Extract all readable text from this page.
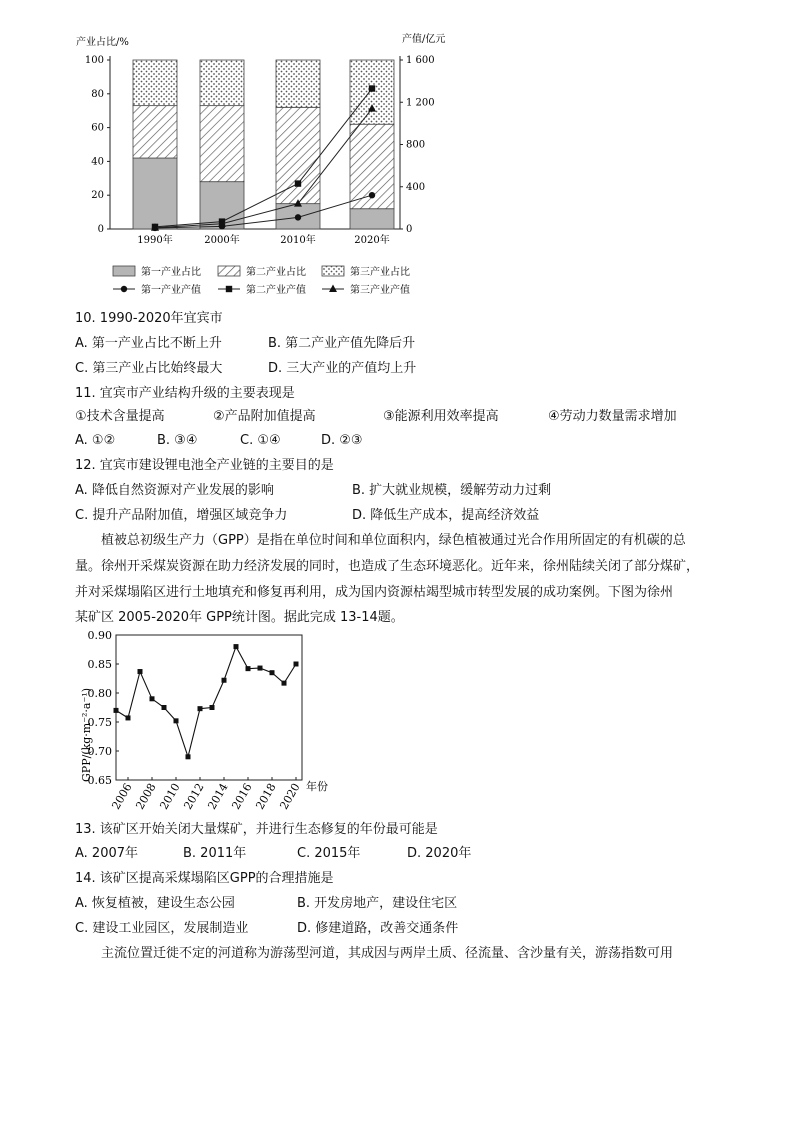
产业占比/%	产值/亿元
0
20
40
60
80
100
0
400
800
1 200
1 600
1990年	2000年	2010年	2020年
第一产业占比	第二产业占比	第三产业占比
第一产业产值	第二产业产值	第三产业产值
10. 1990-2020年宜宾市
A. 第一产业占比不断上升	B. 第二产业产值先降后升
C. 第三产业占比始终最大	D. 三大产业的产值均上升
11. 宜宾市产业结构升级的主要表现是
①技术含量提高	②产品附加值提高	③能源利用效率提高	④劳动力数量需求增加
A. ①②	B. ③④	C. ①④	D. ②③
12. 宜宾市建设锂电池全产业链的主要目的是
A. 降低自然资源对产业发展的影响	B. 扩大就业规模，缓解劳动力过剩
C. 提升产品附加值，增强区域竞争力	D. 降低生产成本，提高经济效益
植被总初级生产力（GPP）是指在单位时间和单位面积内，绿色植被通过光合作用所固定的有机碳的总
量。徐州开采煤炭资源在助力经济发展的同时，也造成了生态环境恶化。近年来，徐州陆续关闭了部分煤矿，
并对采煤塌陷区进行土地填充和修复再利用，成为国内资源枯竭型城市转型发展的成功案例。下图为徐州
某矿区 2005-2020年 GPP统计图。据此完成 13-14题。
GPP/(kg·m⁻²·a⁻¹)
年份
0.65
0.70
0.75
0.80
0.85
0.90
2006
2008
2010
2012
2014
2016
2018
2020
13. 该矿区开始关闭大量煤矿，并进行生态修复的年份最可能是
A. 2007年	B. 2011年	C. 2015年	D. 2020年
14. 该矿区提高采煤塌陷区GPP的合理措施是
A. 恢复植被，建设生态公园	B. 开发房地产，建设住宅区
C. 建设工业园区，发展制造业	D. 修建道路，改善交通条件
主流位置迁徙不定的河道称为游荡型河道，其成因与两岸土质、径流量、含沙量有关，游荡指数可用
